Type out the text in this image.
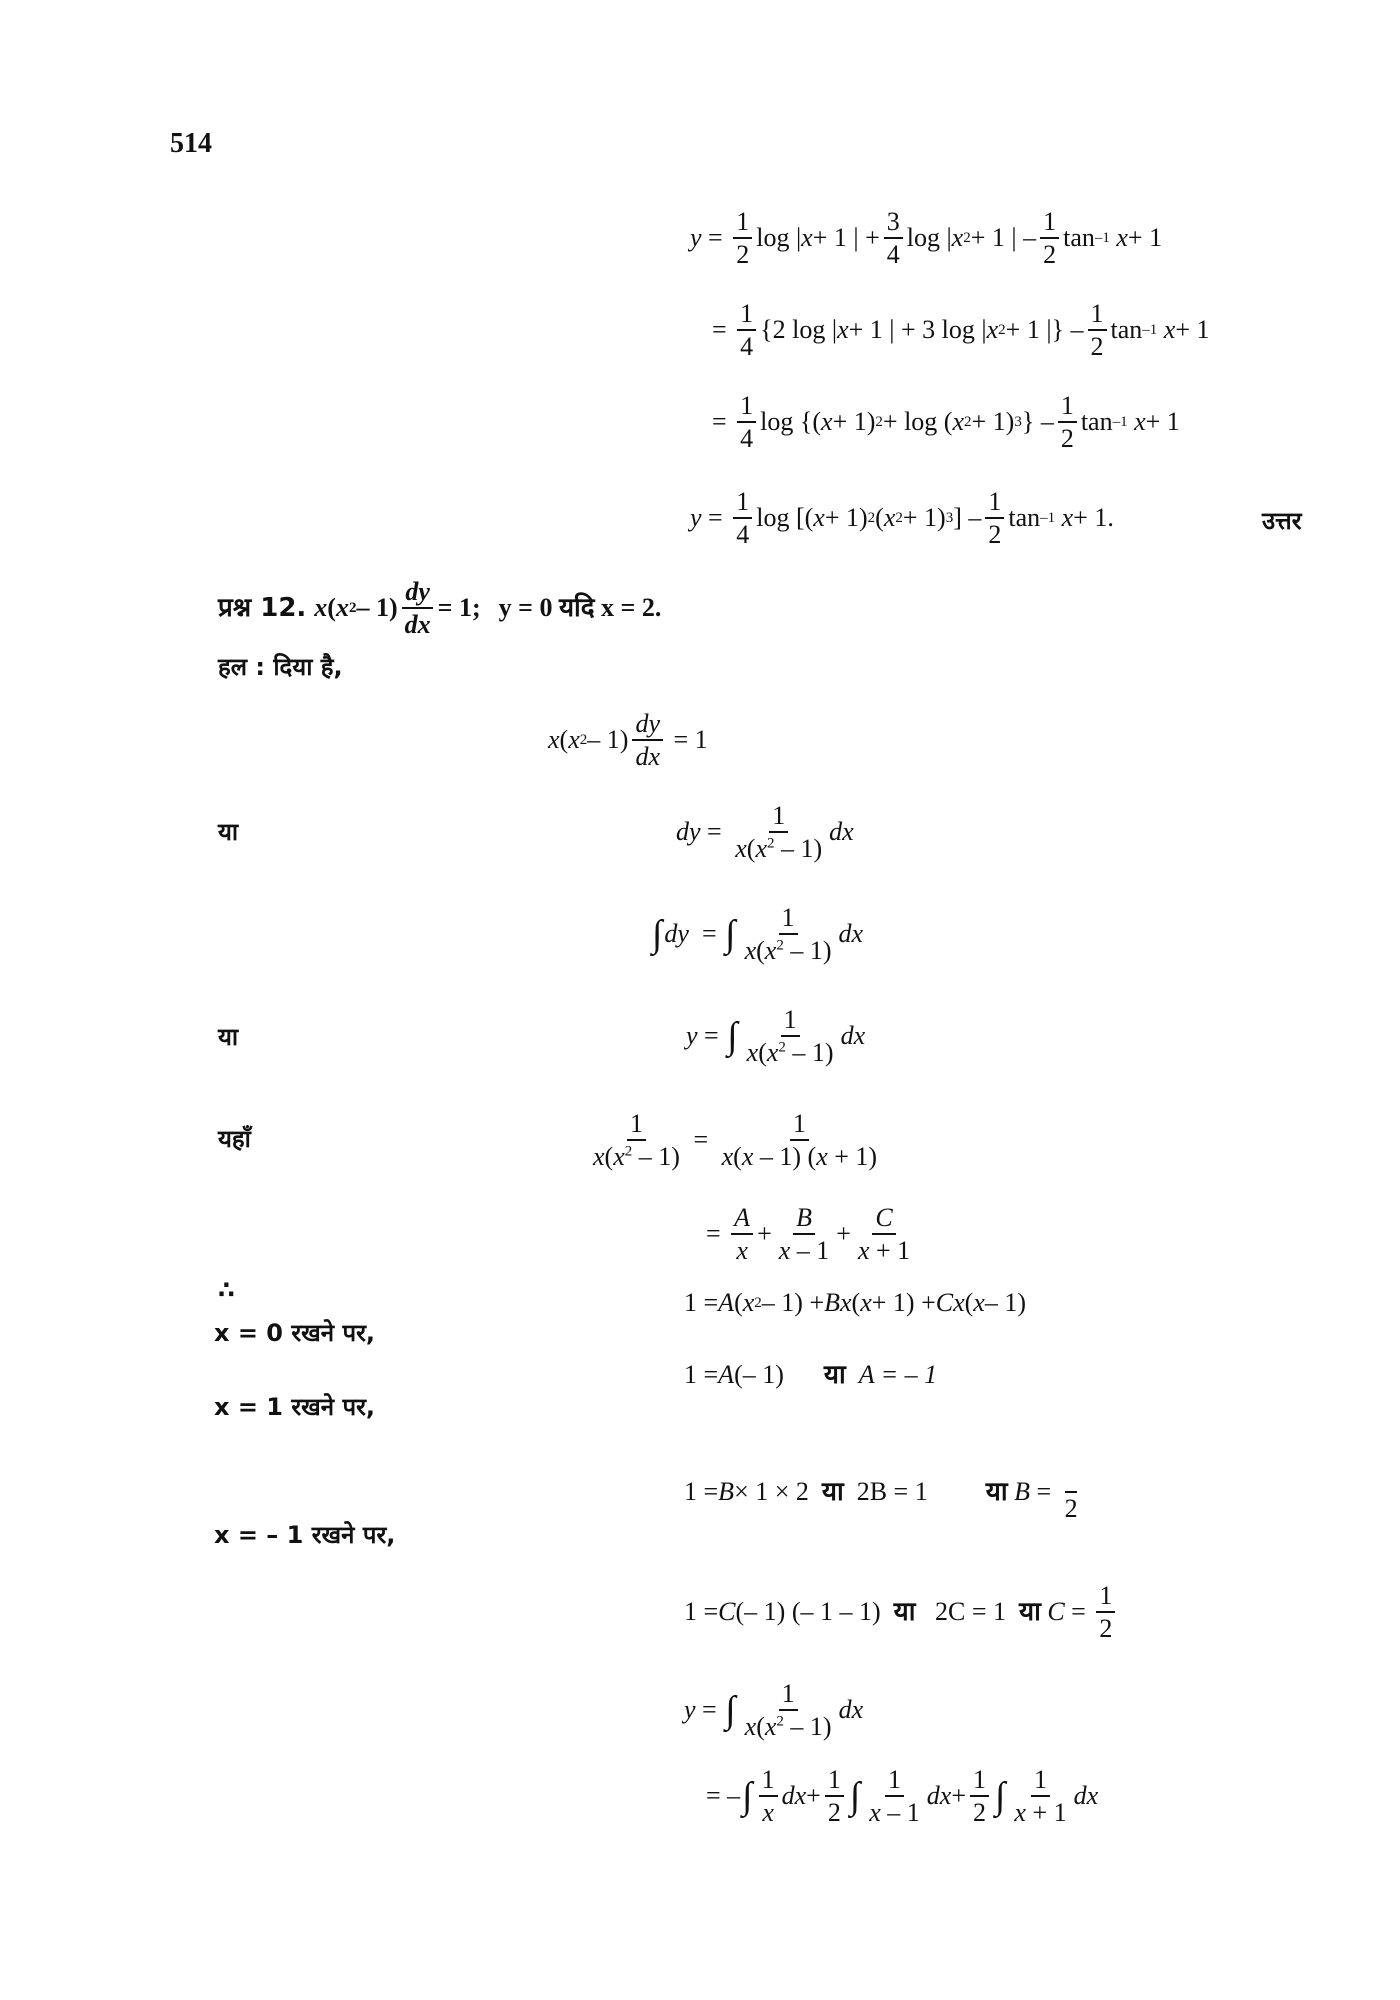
514
$y = \frac{1}{2}$ log | x + 1 | + $\frac{3}{4}$ log | x 2 + 1 | – $\frac{1}{2}$ tan –1
x + 1
= $\frac{1}{4} \{2$ log | x + 1 | + 3 log | x 2 + 1 |} – $\frac{1}{2}$ tan –1
x + 1
= $\frac{1}{4}$ log {( x + 1) 2 + log ( x 2 + 1) 3 } – $\frac{1}{2}$ tan –1
x + 1
$y = \frac{1}{4}$ log [( x + 1) 2 ( x 2 + 1) 3 ] – $\frac{1}{2}$ tan –1
x + 1.	उत्तर
प्रश्न 12. x ( x $2 - 1) \frac{dy}{dx} = 1$; y = 0 यदि x = 2.
हल : दिया है,
x ( x $2 - 1) \frac{dy}{dx} = 1$
या	dy = $\frac{1}{x(x^2 - 1)}$ dx
∫ dy = ∫ $\frac{1}{x(x^2 - 1)}$ dx
या	y = ∫ $\frac{1}{x(x^2 - 1)}$ dx
यहाँ	$\frac{1}{x(x^2 - 1)} = \frac{1}{x(x - 1) (x + 1)}$
= $\frac{A}{x} + \frac{B}{x - 1} + \frac{C}{x + 1}$
∴	1 = A ( x 2 – 1) + Bx ( x + 1) + Cx ( x – 1)
x = 0 रखने पर,
1 = A (– 1) या
A = – 1
x = 1 रखने पर,
1 = B × 1 × 2 या
2B = 1 या
B =

2
x = – 1 रखने पर,
1 = C (– 1) (– 1 – 1) या
2C = 1
या
$C = \frac{1}{2}$
y = ∫ $\frac{1}{x(x^2 - 1)}$ dx
= – ∫ $\frac{1}{x}$ dx + $\frac{1}{2}$ ∫ $\frac{1}{x - 1}$ dx + $\frac{1}{2}$ ∫ $\frac{1}{x + 1}$ dx
